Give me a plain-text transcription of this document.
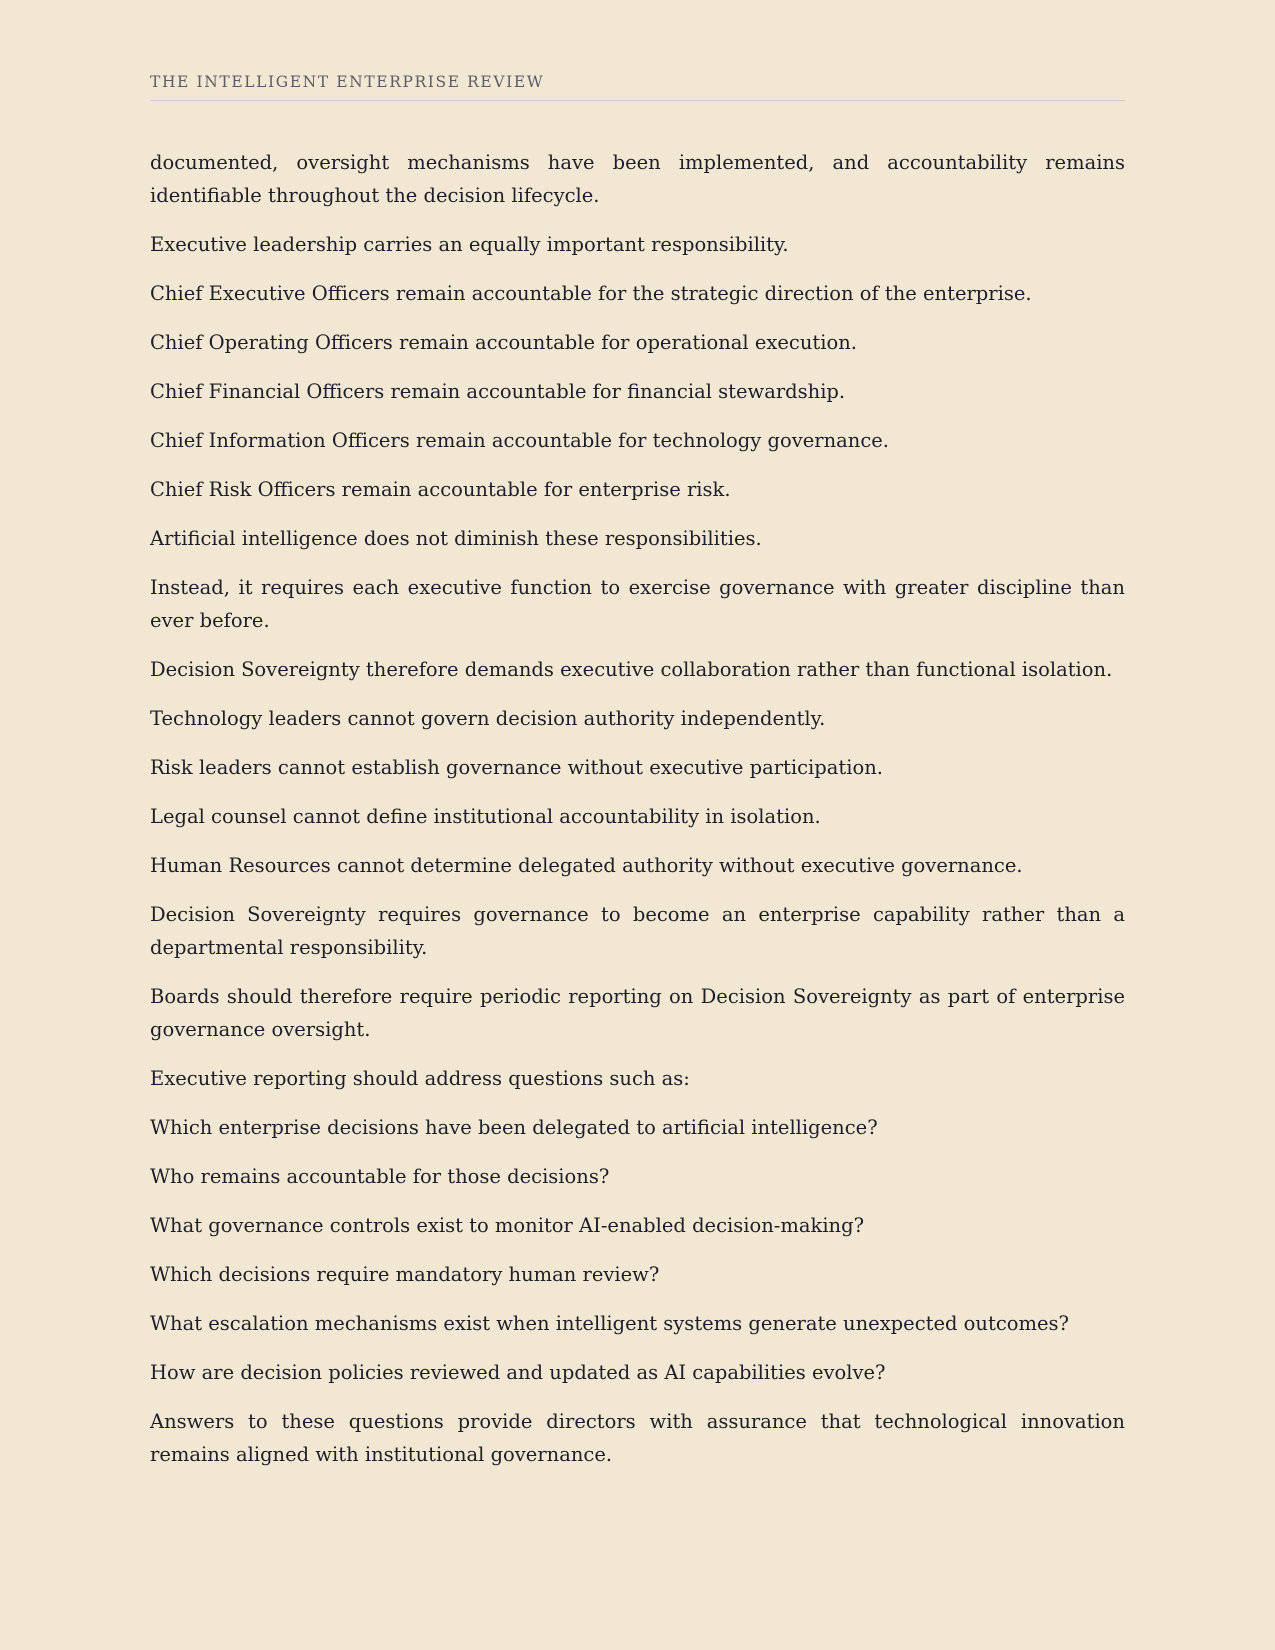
THE INTELLIGENT ENTERPRISE REVIEW

documented, oversight mechanisms have been implemented, and accountability remains identifiable throughout the decision lifecycle.

Executive leadership carries an equally important responsibility.

Chief Executive Officers remain accountable for the strategic direction of the enterprise.

Chief Operating Officers remain accountable for operational execution.

Chief Financial Officers remain accountable for financial stewardship.

Chief Information Officers remain accountable for technology governance.

Chief Risk Officers remain accountable for enterprise risk.

Artificial intelligence does not diminish these responsibilities.

Instead, it requires each executive function to exercise governance with greater discipline than ever before.

Decision Sovereignty therefore demands executive collaboration rather than functional isolation.

Technology leaders cannot govern decision authority independently.

Risk leaders cannot establish governance without executive participation.

Legal counsel cannot define institutional accountability in isolation.

Human Resources cannot determine delegated authority without executive governance.

Decision Sovereignty requires governance to become an enterprise capability rather than a departmental responsibility.

Boards should therefore require periodic reporting on Decision Sovereignty as part of enterprise governance oversight.

Executive reporting should address questions such as:

Which enterprise decisions have been delegated to artificial intelligence?

Who remains accountable for those decisions?

What governance controls exist to monitor AI-enabled decision-making?

Which decisions require mandatory human review?

What escalation mechanisms exist when intelligent systems generate unexpected outcomes?

How are decision policies reviewed and updated as AI capabilities evolve?

Answers to these questions provide directors with assurance that technological innovation remains aligned with institutional governance.
